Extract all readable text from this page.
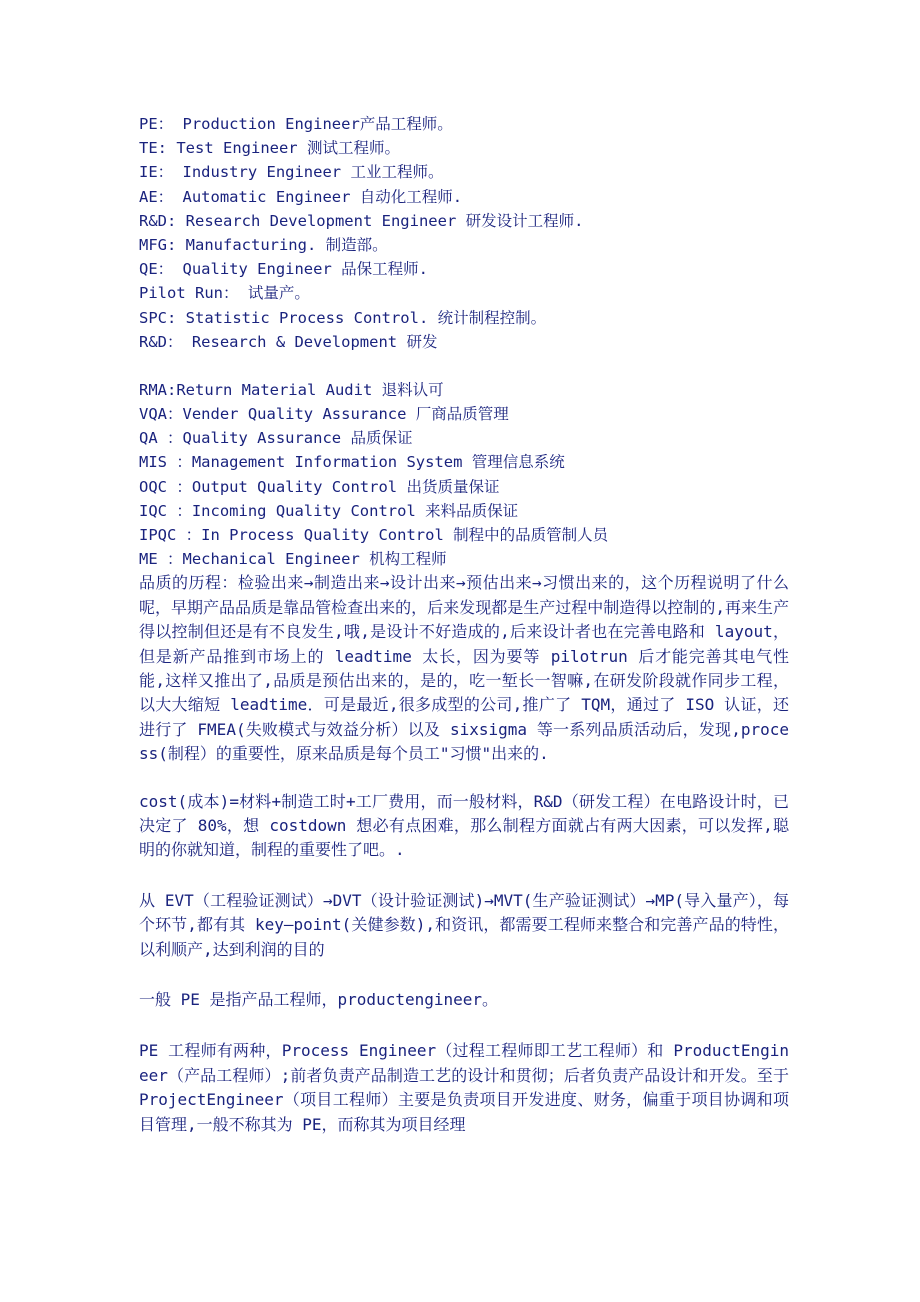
PE： Production Engineer产品工程师。
TE: Test Engineer 测试工程师。
IE： Industry Engineer 工业工程师。
AE： Automatic Engineer 自动化工程师.
R&D: Research Development Engineer 研发设计工程师.
MFG: Manufacturing. 制造部。
QE： Quality Engineer 品保工程师.
Pilot Run： 试量产。
SPC: Statistic Process Control. 统计制程控制。
R&D： Research & Development 研发
RMA:Return Material Audit 退料认可
VQA：Vender Quality Assurance 厂商品质管理
QA ：Quality Assurance 品质保证
MIS ：Management Information System 管理信息系统
OQC ：Output Quality Control 出货质量保证
IQC ：Incoming Quality Control 来料品质保证
IPQC ：In Process Quality Control 制程中的品质管制人员
ME ：Mechanical Engineer 机构工程师
品质的历程：检验出来→制造出来→设计出来→预估出来→习惯出来的，这个历程说明了什么呢，早期产品品质是靠品管检查出来的，后来发现都是生产过程中制造得以控制的,再来生产得以控制但还是有不良发生,哦,是设计不好造成的,后来设计者也在完善电路和 layout，但是新产品推到市场上的 leadtime 太长，因为要等 pilotrun 后才能完善其电气性能,这样又推出了,品质是预估出来的，是的，吃一堑长一智嘛,在研发阶段就作同步工程，以大大缩短 leadtime．可是最近,很多成型的公司,推广了 TQM，通过了 ISO 认证，还进行了 FMEA(失败模式与效益分析）以及 sixsigma 等一系列品质活动后，发现,process(制程）的重要性，原来品质是每个员工"习惯"出来的.
cost(成本)=材料+制造工时+工厂费用，而一般材料，R&D（研发工程）在电路设计时，已决定了 80%，想 costdown 想必有点困难，那么制程方面就占有两大因素，可以发挥,聪明的你就知道，制程的重要性了吧。.
从 EVT（工程验证测试）→DVT（设计验证测试)→MVT(生产验证测试）→MP(导入量产），每个环节,都有其 key—point(关健参数),和资讯，都需要工程师来整合和完善产品的特性，以利顺产,达到利润的目的
一般 PE 是指产品工程师，productengineer。
PE 工程师有两种，Process Engineer（过程工程师即工艺工程师）和 ProductEngineer（产品工程师）;前者负责产品制造工艺的设计和贯彻；后者负责产品设计和开发。至于 ProjectEngineer（项目工程师）主要是负责项目开发进度、财务，偏重于项目协调和项目管理,一般不称其为 PE，而称其为项目经理
